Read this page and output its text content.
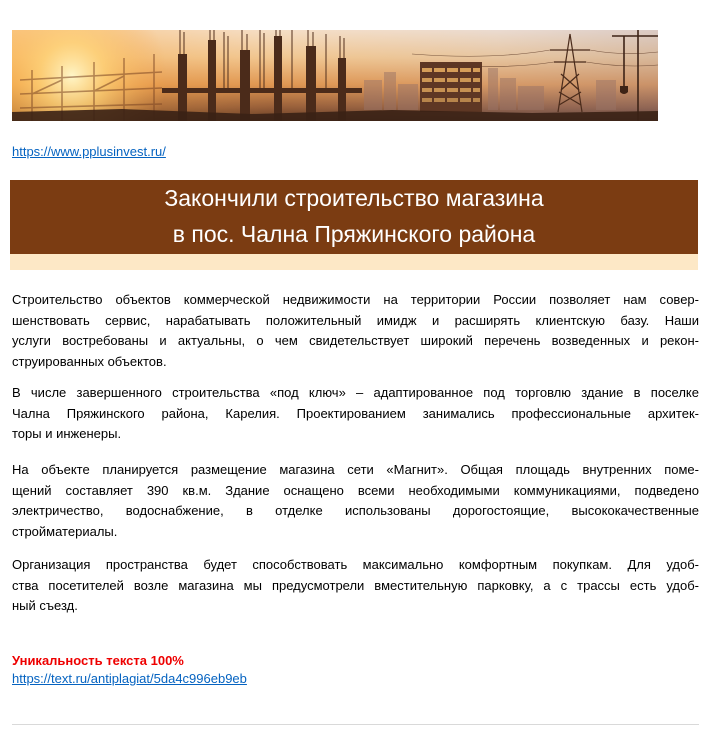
https://www.pplusinvest.ru/
Закончили строительство магазина
в пос. Чална Пряжинского района
Строительство объектов коммерческой недвижимости на территории России позволяет нам совер-
шенствовать сервис, нарабатывать положительный имидж и расширять клиентскую базу. Наши
услуги востребованы и актуальны, о чем свидетельствует широкий перечень возведенных и рекон-
струированных объектов.
В числе завершенного строительства «под ключ» – адаптированное под торговлю здание в поселке
Чална Пряжинского района, Карелия. Проектированием занимались профессиональные архитек-
торы и инженеры.
На объекте планируется размещение магазина сети «Магнит». Общая площадь внутренних поме-
щений составляет 390 кв.м. Здание оснащено всеми необходимыми коммуникациями, подведено
электричество, водоснабжение, в отделке использованы дорогостоящие, высококачественные
стройматериалы.
Организация пространства будет способствовать максимально комфортным покупкам. Для удоб-
ства посетителей возле магазина мы предусмотрели вместительную парковку, а с трассы есть удоб-
ный съезд.
Уникальность текста 100%
https://text.ru/antiplagiat/5da4c996eb9eb
